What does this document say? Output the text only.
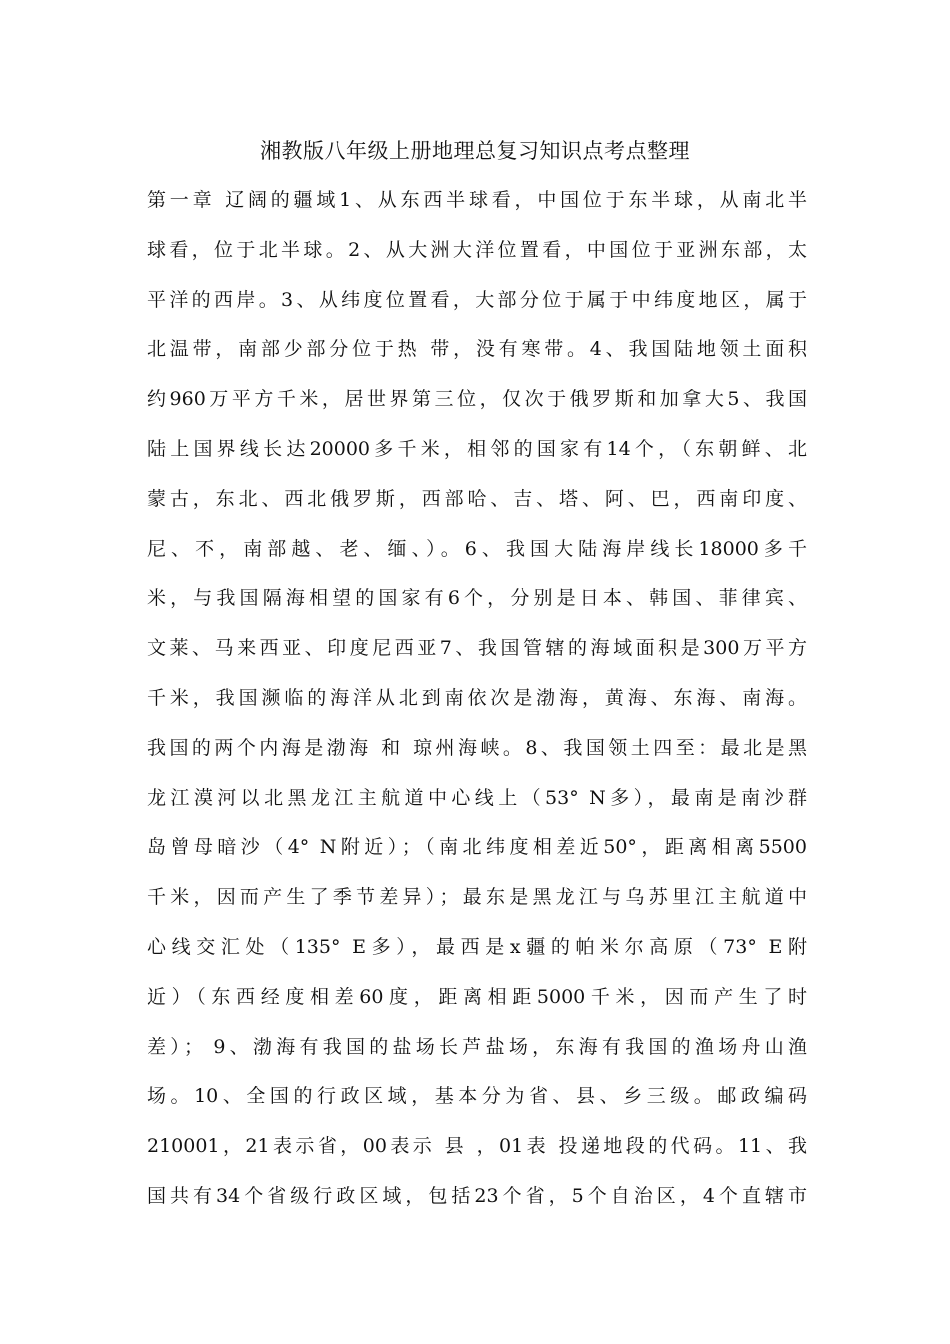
湘教版八年级上册地理总复习知识点考点整理
第一章 辽阔的疆域1、从东西半球看，中国位于东半球，从南北半
球看，位于北半球。2、从大洲大洋位置看，中国位于亚洲东部，太
平洋的西岸。3、从纬度位置看，大部分位于属于中纬度地区，属于
北温带，南部少部分位于热 带，没有寒带。4、我国陆地领土面积
约960万平方千米，居世界第三位，仅次于俄罗斯和加拿大5、我国
陆上国界线长达20000多千米，相邻的国家有14个，（东朝鲜、北
蒙古，东北、西北俄罗斯，西部哈、吉、塔、阿、巴，西南印度、
尼、不，南部越、老、缅、）。6、我国大陆海岸线长18000多千
米，与我国隔海相望的国家有6个，分别是日本、韩国、菲律宾、
文莱、马来西亚、印度尼西亚7、我国管辖的海域面积是300万平方
千米，我国濒临的海洋从北到南依次是渤海，黄海、东海、南海。
我国的两个内海是渤海 和 琼州海峡。8、我国领土四至：最北是黑
龙江漠河以北黑龙江主航道中心线上（53° N多），最南是南沙群
岛曾母暗沙（4° N附近）；（南北纬度相差近50°，距离相离5500
千米，因而产生了季节差异）；最东是黑龙江与乌苏里江主航道中
心线交汇处（135° E多），最西是x疆的帕米尔高原（73° E附
近）（东西经度相差60度，距离相距5000千米，因而产生了时
差）； 9、渤海有我国的盐场长芦盐场，东海有我国的渔场舟山渔
场。10、全国的行政区域，基本分为省、县、乡三级。邮政编码
210001，21表示省，00表示 县 ，01表 投递地段的代码。11、我
国共有34个省级行政区域，包括23个省，5个自治区，4个直辖市
